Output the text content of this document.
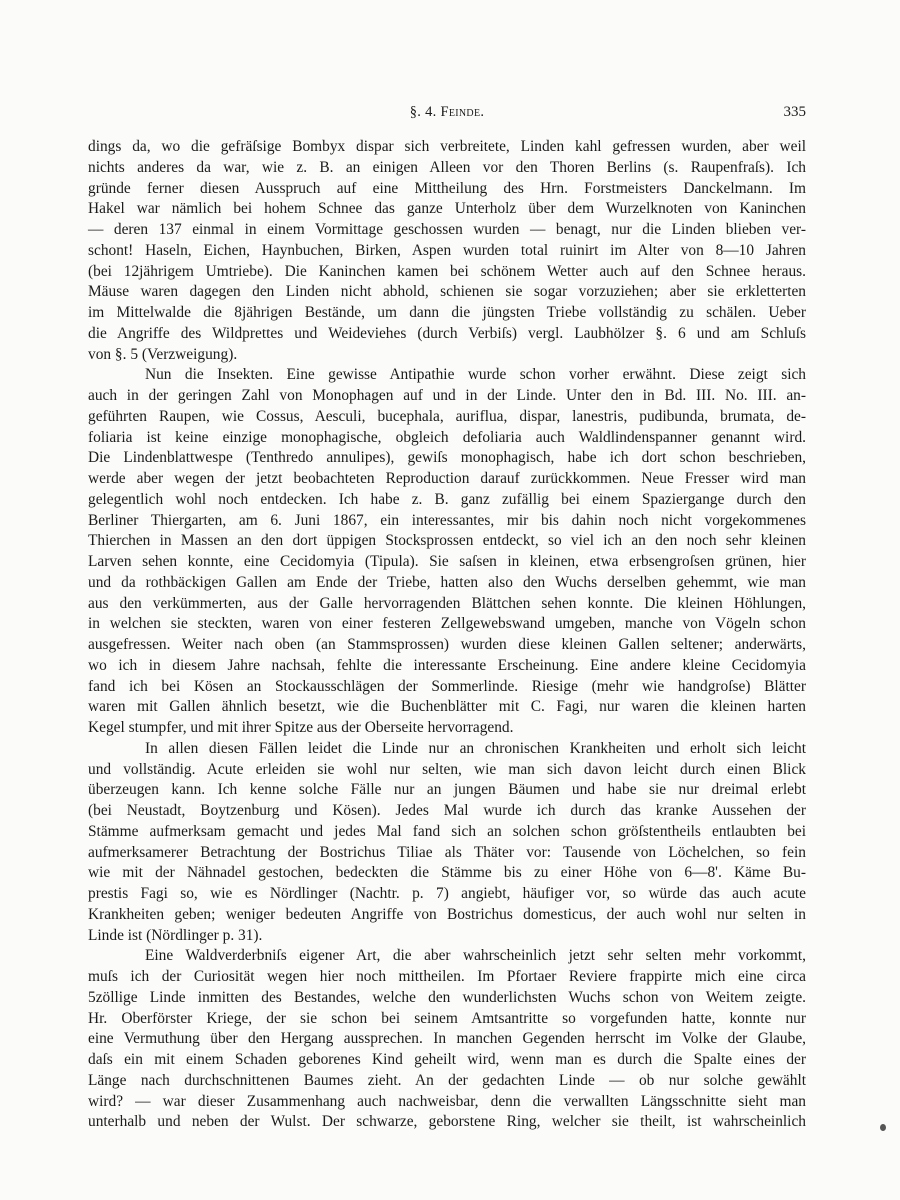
§. 4. Feinde.	335
dings da, wo die gefräſsige Bombyx dispar sich verbreitete, Linden kahl gefressen wurden, aber weil
nichts anderes da war, wie z. B. an einigen Alleen vor den Thoren Berlins (s. Raupenfraſs). Ich
gründe ferner diesen Ausspruch auf eine Mittheilung des Hrn. Forstmeisters Danckelmann. Im
Hakel war nämlich bei hohem Schnee das ganze Unterholz über dem Wurzelknoten von Kaninchen
— deren 137 einmal in einem Vormittage geschossen wurden — benagt, nur die Linden blieben ver-
schont! Haseln, Eichen, Haynbuchen, Birken, Aspen wurden total ruinirt im Alter von 8—10 Jahren
(bei 12jährigem Umtriebe). Die Kaninchen kamen bei schönem Wetter auch auf den Schnee heraus.
Mäuse waren dagegen den Linden nicht abhold, schienen sie sogar vorzuziehen; aber sie erkletterten
im Mittelwalde die 8jährigen Bestände, um dann die jüngsten Triebe vollständig zu schälen. Ueber
die Angriffe des Wildprettes und Weideviehes (durch Verbiſs) vergl. Laubhölzer §. 6 und am Schluſs
von §. 5 (Verzweigung).
Nun die Insekten. Eine gewisse Antipathie wurde schon vorher erwähnt. Diese zeigt sich
auch in der geringen Zahl von Monophagen auf und in der Linde. Unter den in Bd. III. No. III. an-
geführten Raupen, wie Cossus, Aesculi, bucephala, auriflua, dispar, lanestris, pudibunda, brumata, de-
foliaria ist keine einzige monophagische, obgleich defoliaria auch Waldlindenspanner genannt wird.
Die Lindenblattwespe (Tenthredo annulipes), gewiſs monophagisch, habe ich dort schon beschrieben,
werde aber wegen der jetzt beobachteten Reproduction darauf zurückkommen. Neue Fresser wird man
gelegentlich wohl noch entdecken. Ich habe z. B. ganz zufällig bei einem Spaziergange durch den
Berliner Thiergarten, am 6. Juni 1867, ein interessantes, mir bis dahin noch nicht vorgekommenes
Thierchen in Massen an den dort üppigen Stocksprossen entdeckt, so viel ich an den noch sehr kleinen
Larven sehen konnte, eine Cecidomyia (Tipula). Sie saſsen in kleinen, etwa erbsengroſsen grünen, hier
und da rothbäckigen Gallen am Ende der Triebe, hatten also den Wuchs derselben gehemmt, wie man
aus den verkümmerten, aus der Galle hervorragenden Blättchen sehen konnte. Die kleinen Höhlungen,
in welchen sie steckten, waren von einer festeren Zellgewebswand umgeben, manche von Vögeln schon
ausgefressen. Weiter nach oben (an Stammsprossen) wurden diese kleinen Gallen seltener; anderwärts,
wo ich in diesem Jahre nachsah, fehlte die interessante Erscheinung. Eine andere kleine Cecidomyia
fand ich bei Kösen an Stockausschlägen der Sommerlinde. Riesige (mehr wie handgroſse) Blätter
waren mit Gallen ähnlich besetzt, wie die Buchenblätter mit C. Fagi, nur waren die kleinen harten
Kegel stumpfer, und mit ihrer Spitze aus der Oberseite hervorragend.
In allen diesen Fällen leidet die Linde nur an chronischen Krankheiten und erholt sich leicht
und vollständig. Acute erleiden sie wohl nur selten, wie man sich davon leicht durch einen Blick
überzeugen kann. Ich kenne solche Fälle nur an jungen Bäumen und habe sie nur dreimal erlebt
(bei Neustadt, Boytzenburg und Kösen). Jedes Mal wurde ich durch das kranke Aussehen der
Stämme aufmerksam gemacht und jedes Mal fand sich an solchen schon gröſstentheils entlaubten bei
aufmerksamerer Betrachtung der Bostrichus Tiliae als Thäter vor: Tausende von Löchelchen, so fein
wie mit der Nähnadel gestochen, bedeckten die Stämme bis zu einer Höhe von 6—8'. Käme Bu-
prestis Fagi so, wie es Nördlinger (Nachtr. p. 7) angiebt, häufiger vor, so würde das auch acute
Krankheiten geben; weniger bedeuten Angriffe von Bostrichus domesticus, der auch wohl nur selten in
Linde ist (Nördlinger p. 31).
Eine Waldverderbniſs eigener Art, die aber wahrscheinlich jetzt sehr selten mehr vorkommt,
muſs ich der Curiosität wegen hier noch mittheilen. Im Pfortaer Reviere frappirte mich eine circa
5zöllige Linde inmitten des Bestandes, welche den wunderlichsten Wuchs schon von Weitem zeigte.
Hr. Oberförster Kriege, der sie schon bei seinem Amtsantritte so vorgefunden hatte, konnte nur
eine Vermuthung über den Hergang aussprechen. In manchen Gegenden herrscht im Volke der Glaube,
daſs ein mit einem Schaden geborenes Kind geheilt wird, wenn man es durch die Spalte eines der
Länge nach durchschnittenen Baumes zieht. An der gedachten Linde — ob nur solche gewählt
wird? — war dieser Zusammenhang auch nachweisbar, denn die verwallten Längsschnitte sieht man
unterhalb und neben der Wulst. Der schwarze, geborstene Ring, welcher sie theilt, ist wahrscheinlich
